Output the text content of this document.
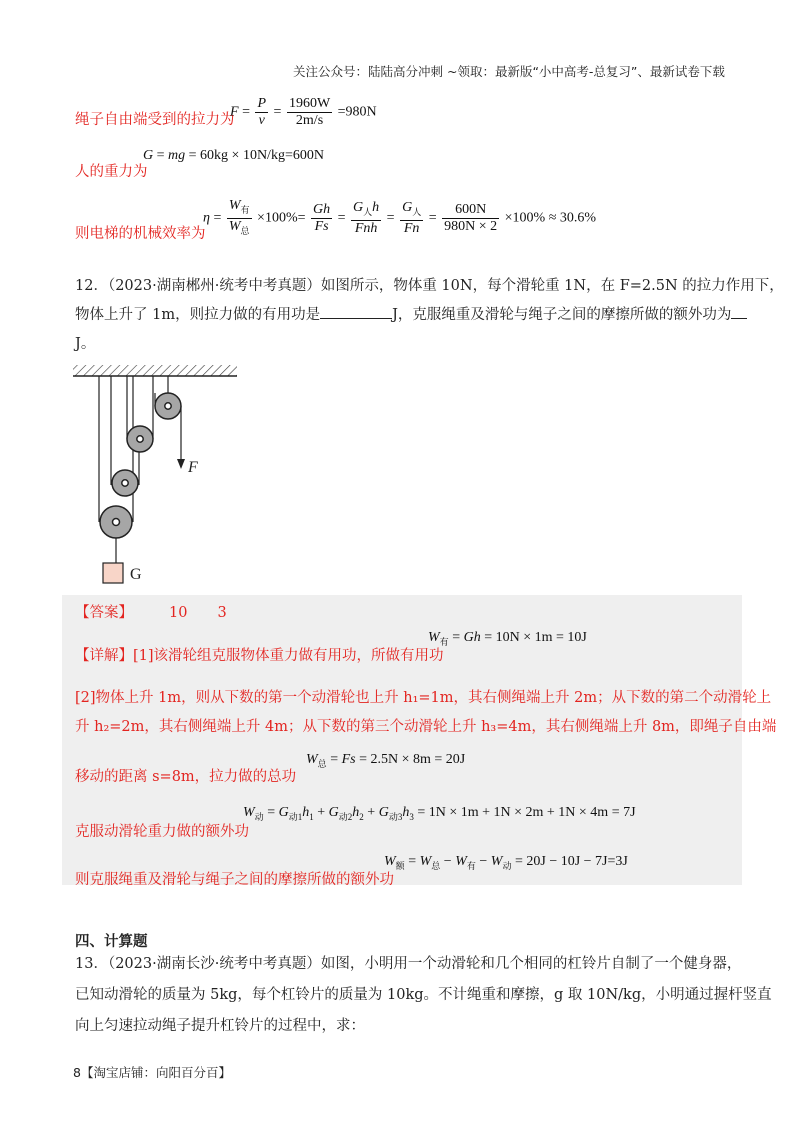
关注公众号：陆陆高分冲刺 ~领取：最新版“小中高考-总复习”、最新试卷下载
绳子自由端受到的拉力为
$F = \frac{P}{v} = \frac{1960W}{2m/s} =980N$
G = mg = 60kg × 10N/kg=600N
人的重力为
则电梯的机械效率为
$\eta = \frac{W_有}{W_总} \times 100\%= \frac{Gh}{Fs} = \frac{G_人h}{\text{Fnh}} = \frac{G_人}{Fn} = \frac{600N}{980N \times 2} \times 100\% \approx 30.6\%$
12．（2023·湖南郴州·统考中考真题）如图所示，物体重 10N，每个滑轮重 1N，在 F=2.5N 的拉力作用下，
物体上升了 1m，则拉力做的有用功是	J，克服绳重及滑轮与绳子之间的摩擦所做的额外功为
J。
F
G
【答案】 10 3
【详解】[1]该滑轮组克服物体重力做有用功，所做有用功
$W_有 = Gh = 10N \times 1m = 10J$
[2]物体上升 1m，则从下数的第一个动滑轮也上升 h₁=1m，其右侧绳端上升 2m；从下数的第二个动滑轮上
升 h₂=2m，其右侧绳端上升 4m；从下数的第三个动滑轮上升 h₃=4m，其右侧绳端上升 8m，即绳子自由端
移动的距离 s=8m，拉力做的总功
$W_总 = Fs = 2.5N \times 8m = 20J$
$W_动 = G_{动1}h_1 + G_{动2}h_2 + G_{动3}h_3 = 1N \times 1m + 1N \times 2m + 1N \times 4m = 7J$
克服动滑轮重力做的额外功
$W_额 = W_总 - W_有 - W_动 = 20J - 10J - 7J=3J$
则克服绳重及滑轮与绳子之间的摩擦所做的额外功
四、计算题
13．（2023·湖南长沙·统考中考真题）如图，小明用一个动滑轮和几个相同的杠铃片自制了一个健身器，
已知动滑轮的质量为 5kg，每个杠铃片的质量为 10kg。不计绳重和摩擦，g 取 10N/kg，小明通过握杆竖直
向上匀速拉动绳子提升杠铃片的过程中，求：
8【淘宝店铺：向阳百分百】
